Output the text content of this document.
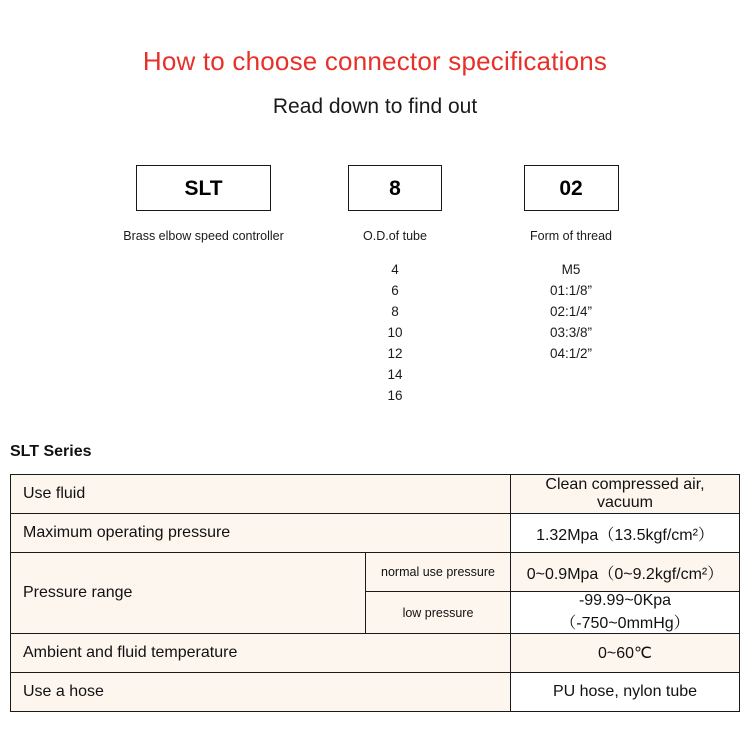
How to choose connector specifications
Read down to find out
SLT
Brass elbow speed controller
8
O.D.of tube
4
6
8
10
12
14
16
02
Form of thread
M5
01:1/8”
02:1/4”
03:3/8”
04:1/2”
SLT Series
Use fluid		Clean compressed air, vacuum
Maximum operating pressure		1.32Mpa（13.5kgf/cm²）
Pressure range	normal use pressure	0~0.9Mpa（0~9.2kgf/cm²）
	low pressure	-99.99~0Kpa（-750~0mmHg）
Ambient and fluid temperature		0~60℃
Use a hose		PU hose, nylon tube
